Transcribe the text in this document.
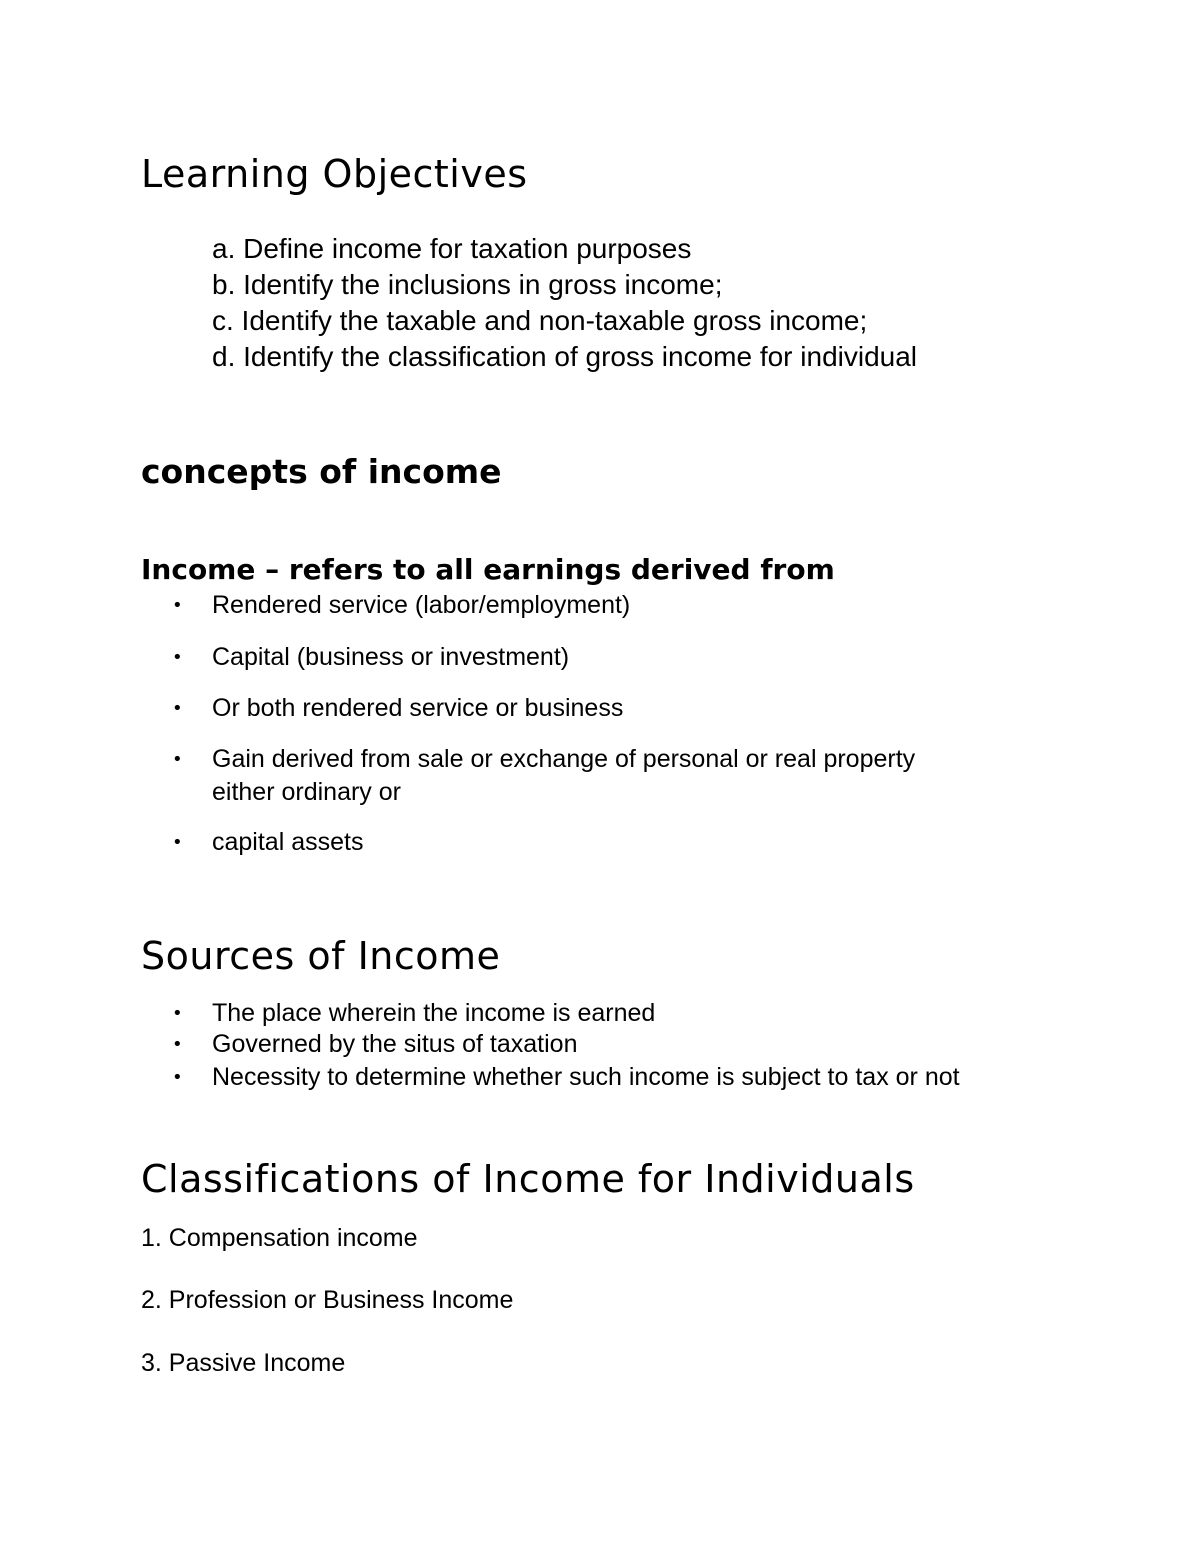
Learning Objectives
a. Define income for taxation purposes
b. Identify the inclusions in gross income;
c. Identify the taxable and non-taxable gross income;
d. Identify the classification of gross income for individual
concepts of income
Income – refers to all earnings derived from
• Rendered service (labor/employment)
• Capital (business or investment)
• Or both rendered service or business
• Gain derived from sale or exchange of personal or real property
either ordinary or
• capital assets
Sources of Income
• The place wherein the income is earned
• Governed by the situs of taxation
• Necessity to determine whether such income is subject to tax or not
Classifications of Income for Individuals
1. Compensation income
2. Profession or Business Income
3. Passive Income
